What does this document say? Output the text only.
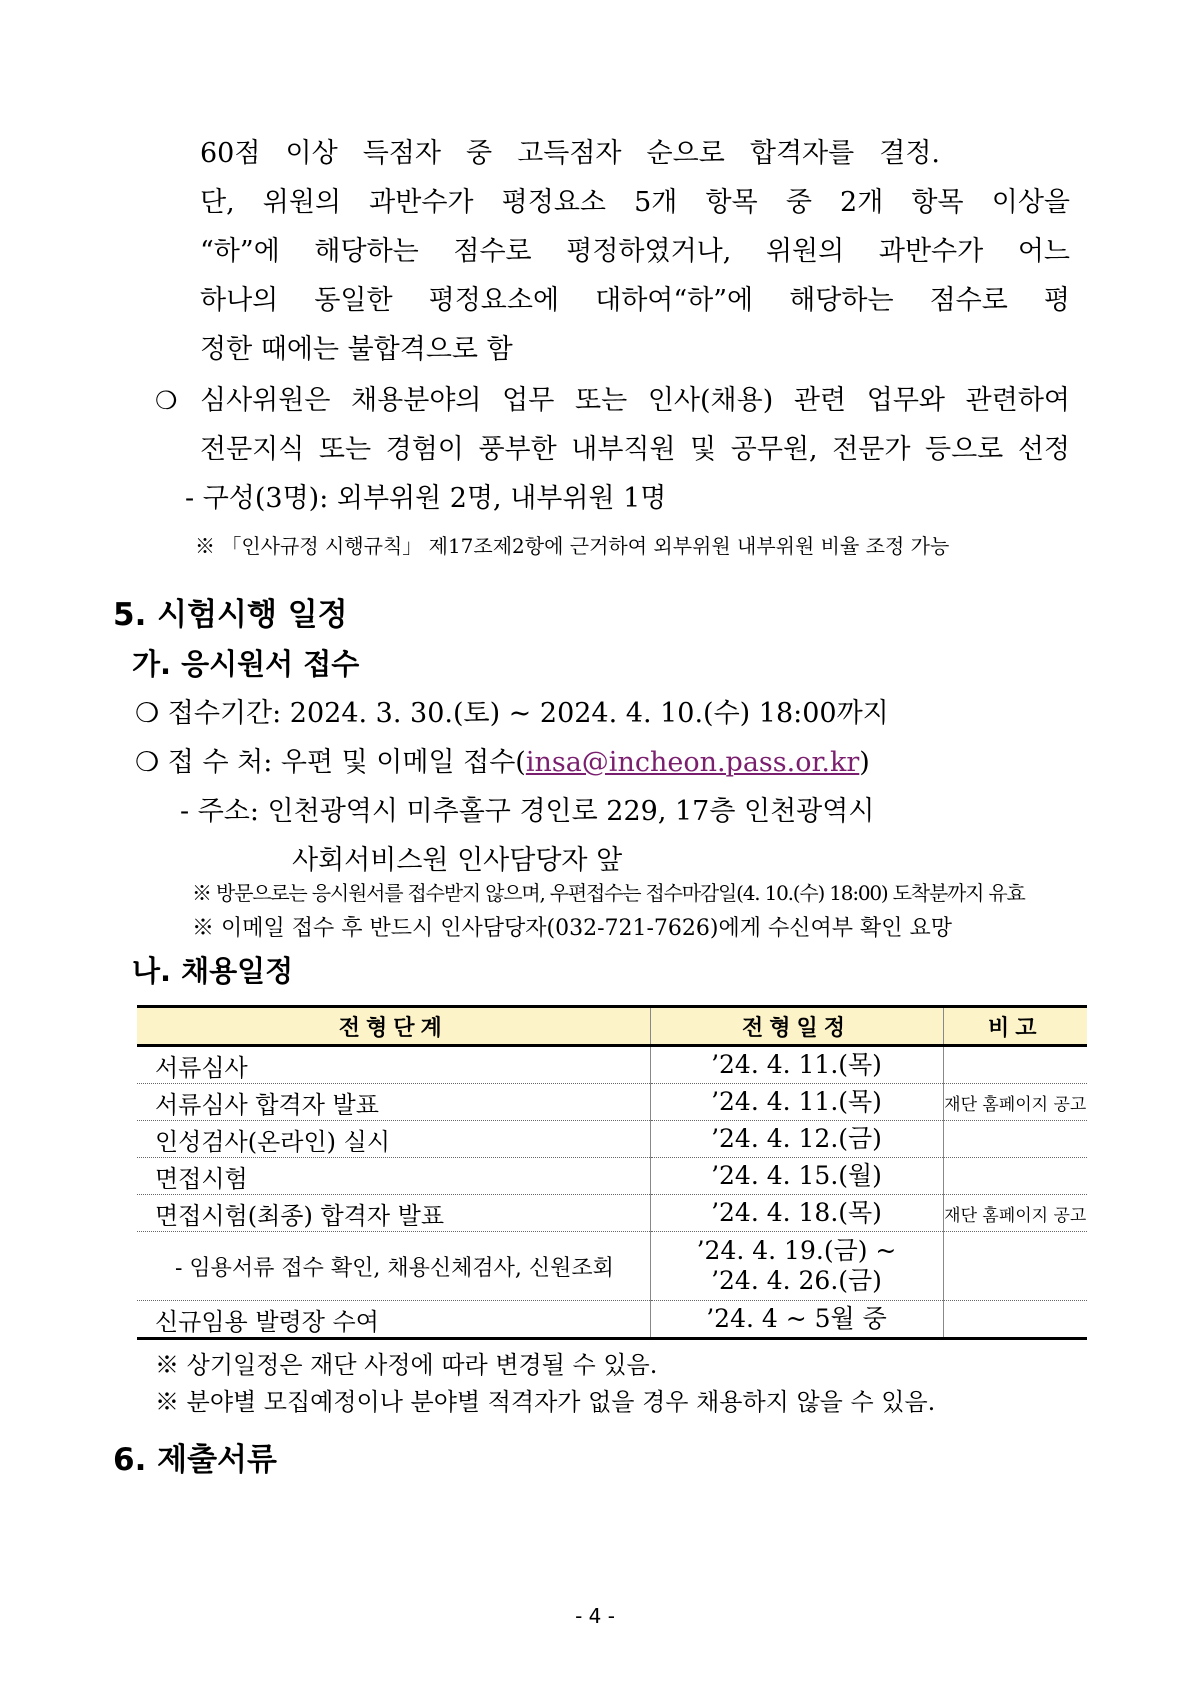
60점 이상 득점자 중 고득점자 순으로 합격자를 결정.
단, 위원의 과반수가 평정요소 5개 항목 중 2개 항목 이상을
“하”에 해당하는 점수로 평정하였거나, 위원의 과반수가 어느
하나의 동일한 평정요소에 대하여“하”에 해당하는 점수로 평
정한 때에는 불합격으로 함
❍ 심사위원은 채용분야의 업무 또는 인사(채용) 관련 업무와 관련하여
전문지식 또는 경험이 풍부한 내부직원 및 공무원, 전문가 등으로 선정
- 구성(3명): 외부위원 2명, 내부위원 1명
※ 「인사규정 시행규칙」 제17조제2항에 근거하여 외부위원 내부위원 비율 조정 가능
5. 시험시행 일정
가. 응시원서 접수
❍ 접수기간: 2024. 3. 30.(토) ~ 2024. 4. 10.(수) 18:00까지
❍ 접 수 처: 우편 및 이메일 접수(insa@incheon.pass.or.kr)
- 주소: 인천광역시 미추홀구 경인로 229, 17층 인천광역시
사회서비스원 인사담당자 앞
※ 방문으로는 응시원서를 접수받지 않으며, 우편접수는 접수마감일(4. 10.(수) 18:00) 도착분까지 유효
※ 이메일 접수 후 반드시 인사담당자(032-721-7626)에게 수신여부 확인 요망
나. 채용일정
전형단계	전형일정	비고
서류심사	’24. 4. 11.(목)	
서류심사 합격자 발표	’24. 4. 11.(목)	재단 홈페이지 공고
인성검사(온라인) 실시	’24. 4. 12.(금)	
면접시험	’24. 4. 15.(월)	
면접시험(최종) 합격자 발표	’24. 4. 18.(목)	재단 홈페이지 공고
- 임용서류 접수 확인, 채용신체검사, 신원조회	’24. 4. 19.(금) ~
’24. 4. 26.(금)	

신규임용 발령장 수여	’24. 4 ~ 5월 중	
※ 상기일정은 재단 사정에 따라 변경될 수 있음.
※ 분야별 모집예정이나 분야별 적격자가 없을 경우 채용하지 않을 수 있음.
6. 제출서류
- 4 -
